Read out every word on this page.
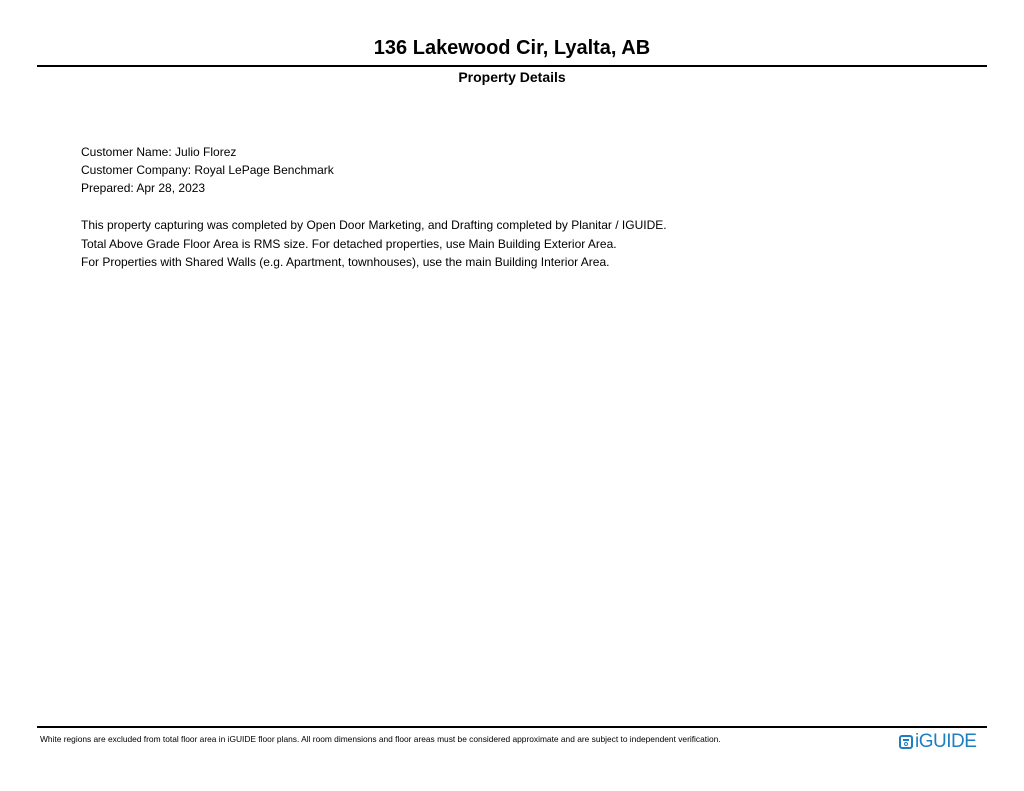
136 Lakewood Cir, Lyalta, AB
Property Details
Customer Name: Julio Florez
Customer Company: Royal LePage Benchmark
Prepared: Apr 28, 2023
This property capturing was completed by Open Door Marketing, and Drafting completed by Planitar / IGUIDE.
Total Above Grade Floor Area is RMS size. For detached properties, use Main Building Exterior Area.
For Properties with Shared Walls (e.g. Apartment, townhouses), use the main Building Interior Area.
White regions are excluded from total floor area in iGUIDE floor plans. All room dimensions and floor areas must be considered approximate and are subject to independent verification.	iGUIDE
